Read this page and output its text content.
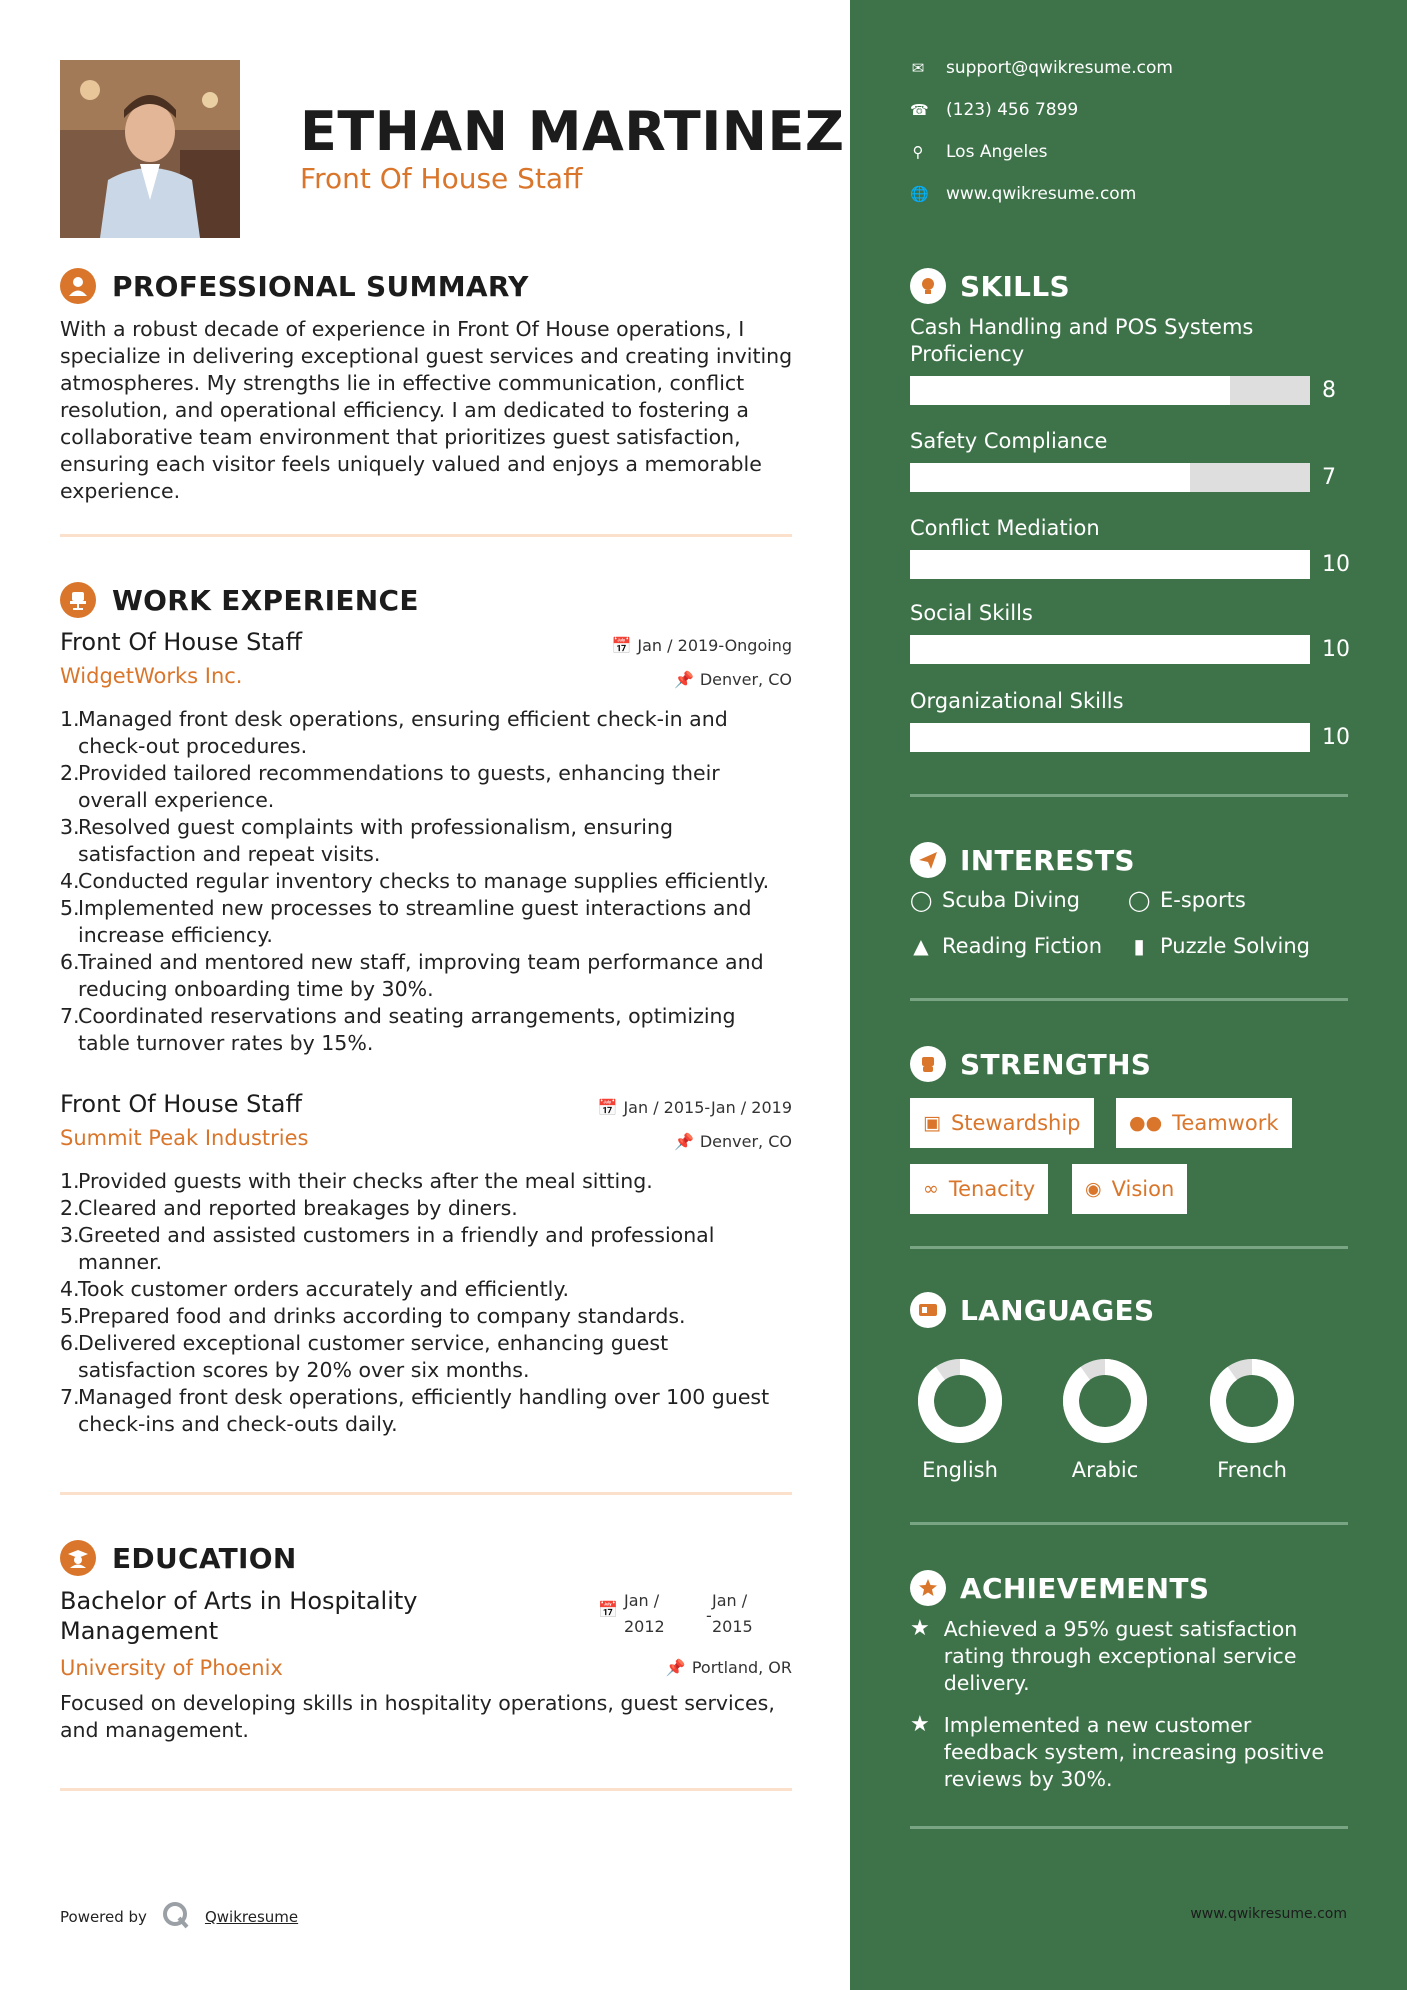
ETHAN MARTINEZ
Front Of House Staff
PROFESSIONAL SUMMARY
With a robust decade of experience in Front Of House operations, I specialize in delivering exceptional guest services and creating inviting atmospheres. My strengths lie in effective communication, conflict resolution, and operational efficiency. I am dedicated to fostering a collaborative team environment that prioritizes guest satisfaction, ensuring each visitor feels uniquely valued and enjoys a memorable experience.
WORK EXPERIENCE
Front Of House Staff
WidgetWorks Inc.
📅 Jan / 2019-Ongoing
📌 Denver, CO
1.
Managed front desk operations, ensuring efficient check-in and check-out procedures.
2.
Provided tailored recommendations to guests, enhancing their overall experience.
3.
Resolved guest complaints with professionalism, ensuring satisfaction and repeat visits.
4.
Conducted regular inventory checks to manage supplies efficiently.
5.
Implemented new processes to streamline guest interactions and increase efficiency.
6.
Trained and mentored new staff, improving team performance and reducing onboarding time by 30%.
7.
Coordinated reservations and seating arrangements, optimizing table turnover rates by 15%.
Front Of House Staff
Summit Peak Industries
📅 Jan / 2015-Jan / 2019
📌 Denver, CO
1.
Provided guests with their checks after the meal sitting.
2.
Cleared and reported breakages by diners.
3.
Greeted and assisted customers in a friendly and professional manner.
4.
Took customer orders accurately and efficiently.
5.
Prepared food and drinks according to company standards.
6.
Delivered exceptional customer service, enhancing guest satisfaction scores by 20% over six months.
7.
Managed front desk operations, efficiently handling over 100 guest check-ins and check-outs daily.
EDUCATION
Bachelor of Arts in Hospitality Management
University of Phoenix
📅 Jan /
2012
-
Jan /
2015
📌 Portland, OR
Focused on developing skills in hospitality operations, guest services, and management.
Powered by	Qwikresume
✉ support@qwikresume.com
☎ (123) 456 7899
⚲ Los Angeles
🌐 www.qwikresume.com
SKILLS
Cash Handling and POS Systems Proficiency
8
Safety Compliance
7
Conflict Mediation
10
Social Skills
10
Organizational Skills
10
INTERESTS
◯ Scuba Diving ◯ E-sports
▲ Reading Fiction ▮ Puzzle Solving
STRENGTHS
▣ Stewardship	●● Teamwork
∞ Tenacity	◉ Vision
LANGUAGES
English	Arabic	French
ACHIEVEMENTS
★ Achieved a 95% guest satisfaction rating through exceptional service delivery.
★ Implemented a new customer feedback system, increasing positive reviews by 30%.
www.qwikresume.com
